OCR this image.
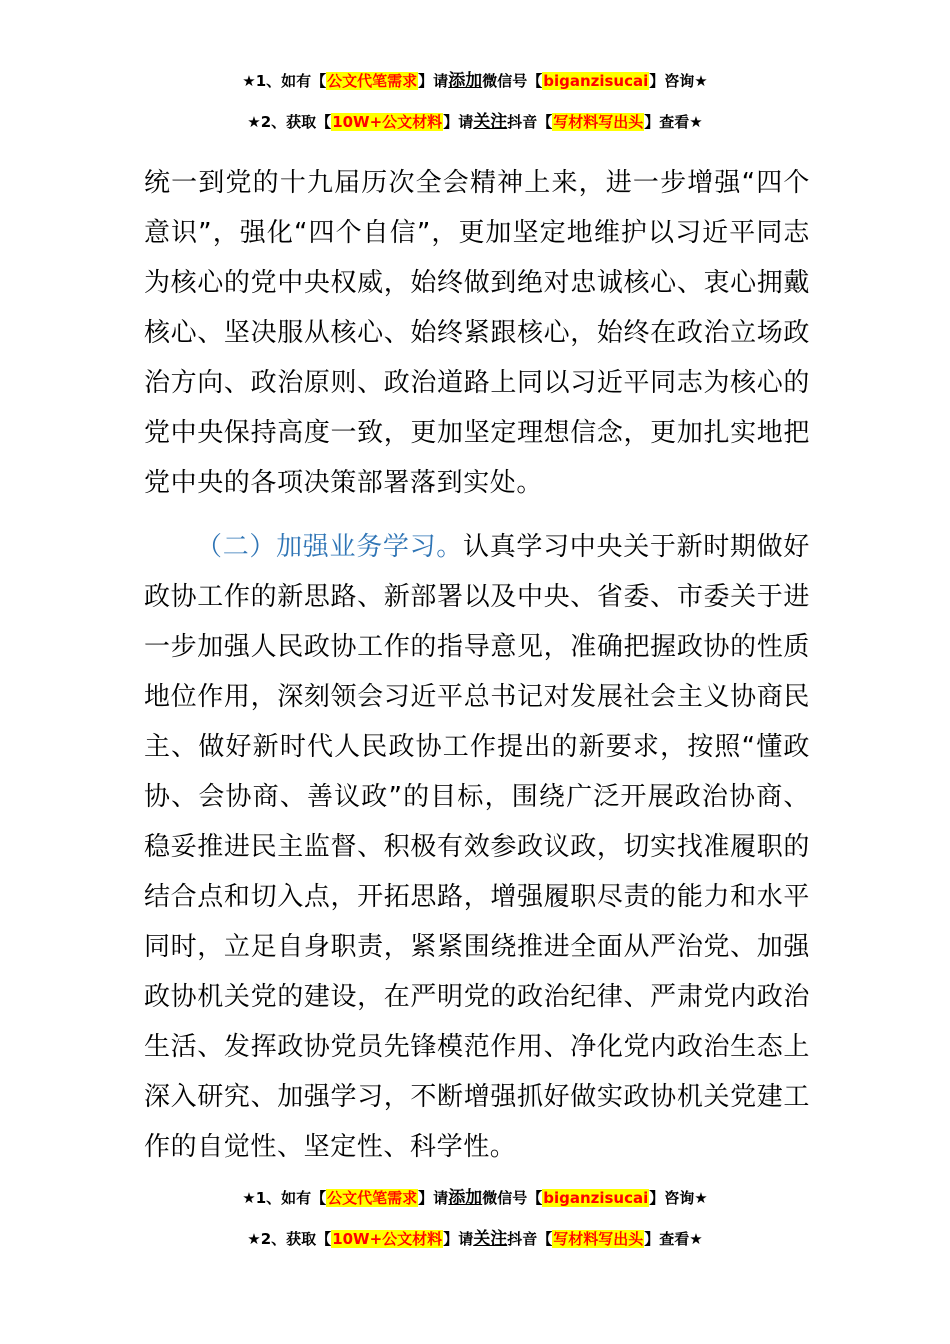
★1、如有【公文代笔需求】请添加微信号【biganzisucai】咨询★
★2、获取【10W+公文材料】请关注抖音【写材料写出头】查看★

统一到党的十九届历次全会精神上来，进一步增强“四个意识”，强化“四个自信”，更加坚定地维护以习近平同志为核心的党中央权威，始终做到绝对忠诚核心、衷心拥戴核心、坚决服从核心、始终紧跟核心，始终在政治立场政治方向、政治原则、政治道路上同以习近平同志为核心的党中央保持高度一致，更加坚定理想信念，更加扎实地把党中央的各项决策部署落到实处。

（二）加强业务学习。认真学习中央关于新时期做好政协工作的新思路、新部署以及中央、省委、市委关于进一步加强人民政协工作的指导意见，准确把握政协的性质地位作用，深刻领会习近平总书记对发展社会主义协商民主、做好新时代人民政协工作提出的新要求，按照“懂政协、会协商、善议政”的目标，围绕广泛开展政治协商、稳妥推进民主监督、积极有效参政议政，切实找准履职的结合点和切入点，开拓思路，增强履职尽责的能力和水平同时，立足自身职责，紧紧围绕推进全面从严治党、加强政协机关党的建设，在严明党的政治纪律、严肃党内政治生活、发挥政协党员先锋模范作用、净化党内政治生态上深入研究、加强学习，不断增强抓好做实政协机关党建工作的自觉性、坚定性、科学性。

★1、如有【公文代笔需求】请添加微信号【biganzisucai】咨询★
★2、获取【10W+公文材料】请关注抖音【写材料写出头】查看★
